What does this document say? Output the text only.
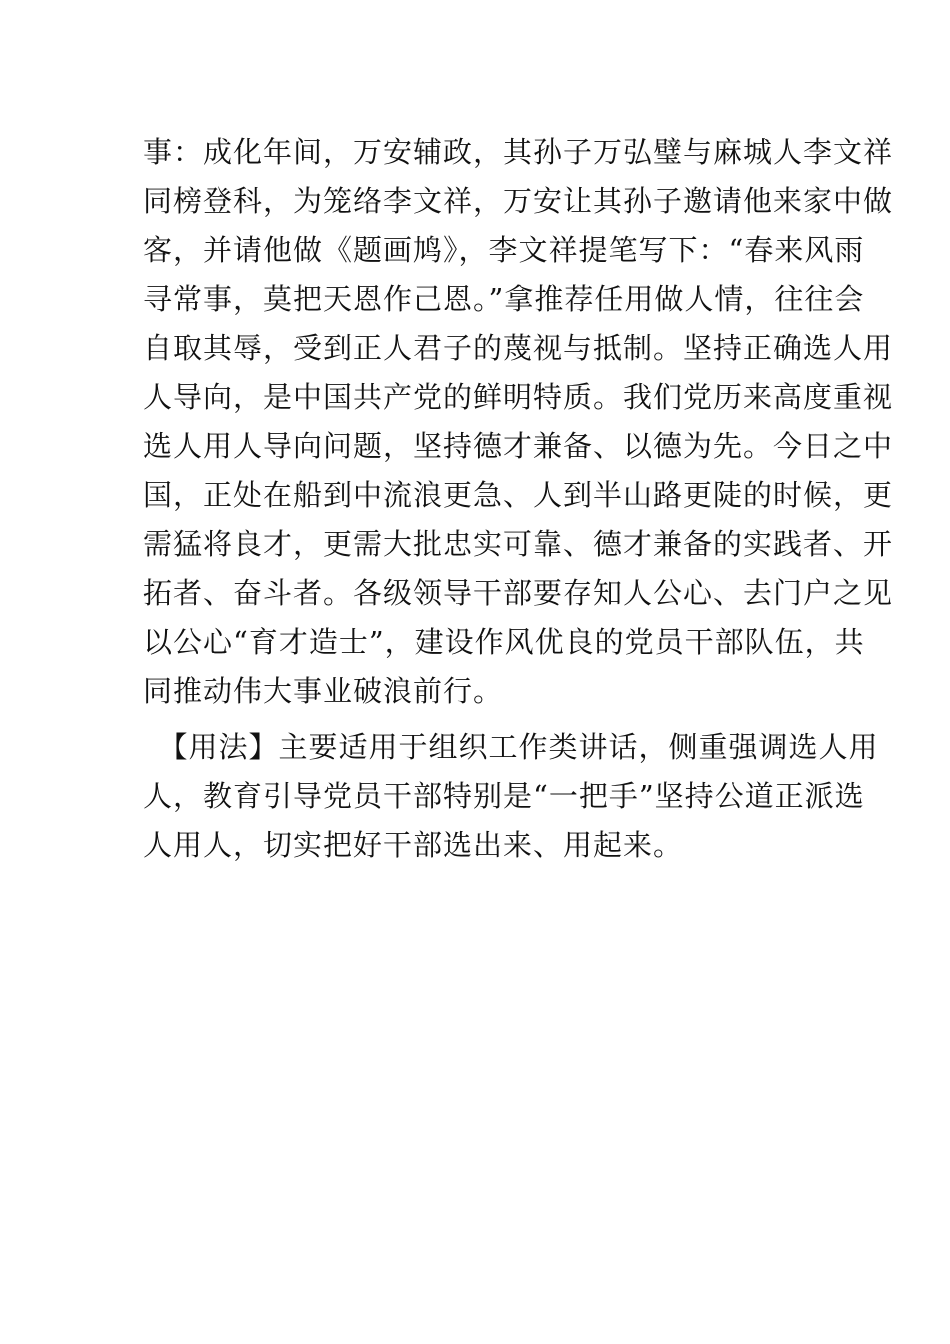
事：成化年间，万安辅政，其孙子万弘璧与麻城人李文祥
同榜登科，为笼络李文祥，万安让其孙子邀请他来家中做
客，并请他做《题画鸠》，李文祥提笔写下：“春来风雨
寻常事，莫把天恩作己恩。”拿推荐任用做人情，往往会
自取其辱，受到正人君子的蔑视与抵制。坚持正确选人用
人导向，是中国共产党的鲜明特质。我们党历来高度重视
选人用人导向问题，坚持德才兼备、以德为先。今日之中
国，正处在船到中流浪更急、人到半山路更陡的时候，更
需猛将良才，更需大批忠实可靠、德才兼备的实践者、开
拓者、奋斗者。各级领导干部要存知人公心、去门户之见
以公心“育才造士”，建设作风优良的党员干部队伍，共
同推动伟大事业破浪前行。
　【用法】主要适用于组织工作类讲话，侧重强调选人用
人，教育引导党员干部特别是“一把手”坚持公道正派选
人用人，切实把好干部选出来、用起来。
